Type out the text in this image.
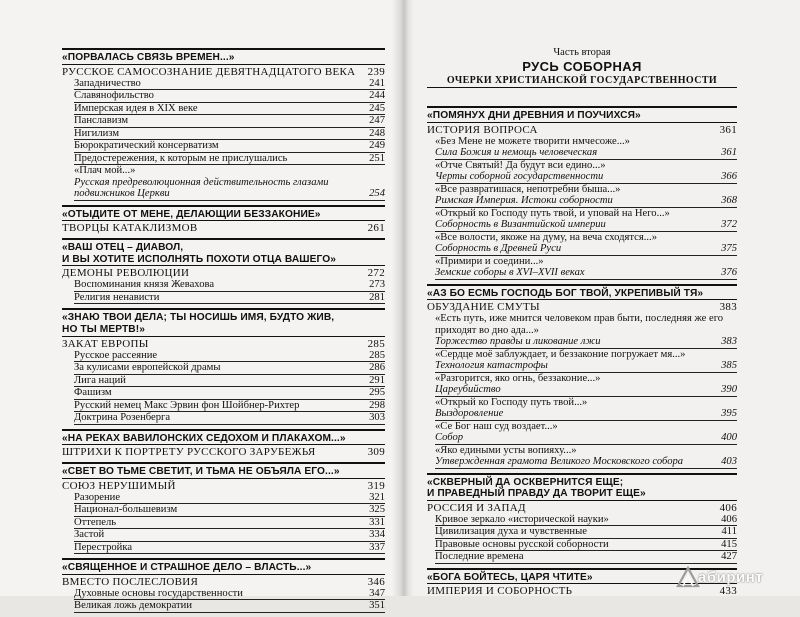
«ПОРВАЛАСЬ СВЯЗЬ ВРЕМЕН...»
РУССКОЕ САМОСОЗНАНИЕ ДЕВЯТНАДЦАТОГО ВЕКА	239
Западничество	241
Славянофильство	244
Имперская идея в XIX веке	245
Панславизм	247
Нигилизм	248
Бюрократический консерватизм	249
Предостережения, к которым не прислушались	251
«Плач мой...»
Русская предреволюционная действительность глазами подвижников Церкви	254
«ОТЫДИТЕ ОТ МЕНЕ, ДЕЛАЮЩИИ БЕЗЗАКОНИЕ»
ТВОРЦЫ КАТАКЛИЗМОВ	261
«ВАШ ОТЕЦ – ДИАВОЛ,
И ВЫ ХОТИТЕ ИСПОЛНЯТЬ ПОХОТИ ОТЦА ВАШЕГО»
ДЕМОНЫ РЕВОЛЮЦИИ	272
Воспоминания князя Жевахова	273
Религия ненависти	281
«ЗНАЮ ТВОИ ДЕЛА; ТЫ НОСИШЬ ИМЯ, БУДТО ЖИВ,
НО ТЫ МЕРТВ!»
ЗАКАТ ЕВРОПЫ	285
Русское рассеяние	285
За кулисами европейской драмы	286
Лига наций	291
Фашизм	295
Русский немец Макс Эрвин фон Шойбнер-Рихтер	298
Доктрина Розенберга	303
«НА РЕКАХ ВАВИЛОНСКИХ СЕДОХОМ И ПЛАКАХОМ...»
ШТРИХИ К ПОРТРЕТУ РУССКОГО ЗАРУБЕЖЬЯ	309
«СВЕТ ВО ТЬМЕ СВЕТИТ, И ТЬМА НЕ ОБЪЯЛА ЕГО...»
СОЮЗ НЕРУШИМЫЙ	319
Разорение	321
Национал-большевизм	325
Оттепель	331
Застой	334
Перестройка	337
«СВЯЩЕННОЕ И СТРАШНОЕ ДЕЛО – ВЛАСТЬ...»
ВМЕСТО ПОСЛЕСЛОВИЯ	346
Духовные основы государственности	347
Великая ложь демократии	351
Часть вторая
РУСЬ СОБОРНАЯ
ОЧЕРКИ ХРИСТИАНСКОЙ ГОСУДАРСТВЕННОСТИ
«ПОМЯНУХ ДНИ ДРЕВНИЯ И ПОУЧИХСЯ»
ИСТОРИЯ ВОПРОСА	361
«Без Мене не можете творити нмчесоже...»
Сила Божия и немощь человеческая	361
«Отче Святый! Да будут вси едино...»
Черты соборной государственности	366
«Все развратишася, непотребни быша...»
Римская Империя. Истоки соборности	368
«Открый ко Господу путь твой, и уповай на Него...»
Соборность в Византийской империи	372
«Все волости, якоже на думу, на веча сходятся...»
Соборность в Древней Руси	375
«Примири и соедини...»
Земские соборы в XVI–XVII веках	376
«АЗ БО ЕСМЬ ГОСПОДЬ БОГ ТВОЙ, УКРЕПИВЫЙ ТЯ»
ОБУЗДАНИЕ СМУТЫ	383
«Есть путь, иже мнится человеком прав быти, последняя же его приходят во дно ада...»
Торжество правды и ликование лжи	383
«Сердце моё заблуждает, и беззаконие погружает мя...»
Технология катастрофы	385
«Разгорится, яко огнь, беззаконие...»
Цареубийство	390
«Открый ко Господу путь твой...»
Выздоровление	395
«Се Бог наш суд воздает...»
Собор	400
«Яко едиными усты вопияху...»
Утвержденная грамота Великого Московского собора	403
«СКВЕРНЫЙ ДА ОСКВЕРНИТСЯ ЕЩЕ;
И ПРАВЕДНЫЙ ПРАВДУ ДА ТВОРИТ ЕЩЕ»
РОССИЯ И ЗАПАД	406
Кривое зеркало «исторической науки»	406
Цивилизация духа и чувственные	411
Правовые основы русской соборности	415
Последние времена	427
«БОГА БОЙТЕСЬ, ЦАРЯ ЧТИТЕ»
ИМПЕРИЯ И СОБОРНОСТЬ	433
абиринт
